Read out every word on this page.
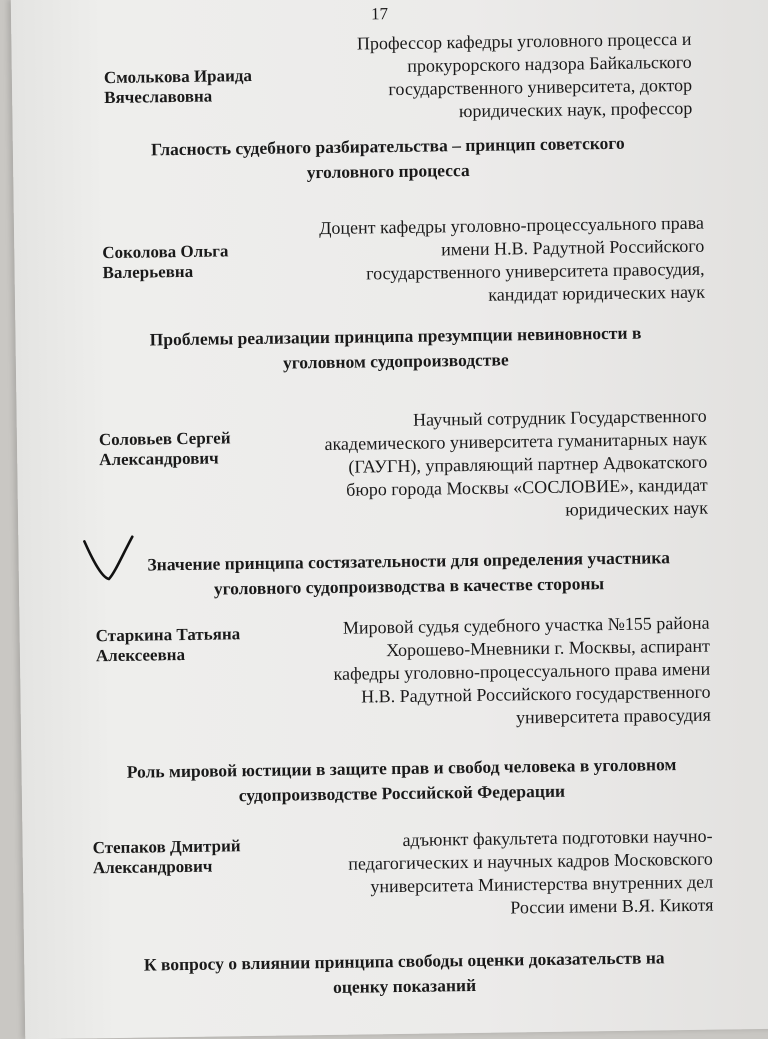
17
Смолькова Ираида
Вячеславовна
Профессор кафедры уголовного процесса и
прокурорского надзора Байкальского
государственного университета, доктор
юридических наук, профессор
Гласность судебного разбирательства – принцип советского
уголовного процесса
Соколова Ольга
Валерьевна
Доцент кафедры уголовно-процессуального права
имени Н.В. Радутной Российского
государственного университета правосудия,
кандидат юридических наук
Проблемы реализации принципа презумпции невиновности в
уголовном судопроизводстве
Соловьев Сергей
Александрович
Научный сотрудник Государственного
академического университета гуманитарных наук
(ГАУГН), управляющий партнер Адвокатского
бюро города Москвы «СОСЛОВИЕ», кандидат
юридических наук
Значение принципа состязательности для определения участника
уголовного судопроизводства в качестве стороны
Старкина Татьяна
Алексеевна
Мировой судья судебного участка №155 района
Хорошево-Мневники г. Москвы, аспирант
кафедры уголовно-процессуального права имени
Н.В. Радутной Российского государственного
университета правосудия
Роль мировой юстиции в защите прав и свобод человека в уголовном
судопроизводстве Российской Федерации
Степаков Дмитрий
Александрович
адъюнкт факультета подготовки научно-
педагогических и научных кадров Московского
университета Министерства внутренних дел
России имени В.Я. Кикотя
К вопросу о влиянии принципа свободы оценки доказательств на
оценку показаний
